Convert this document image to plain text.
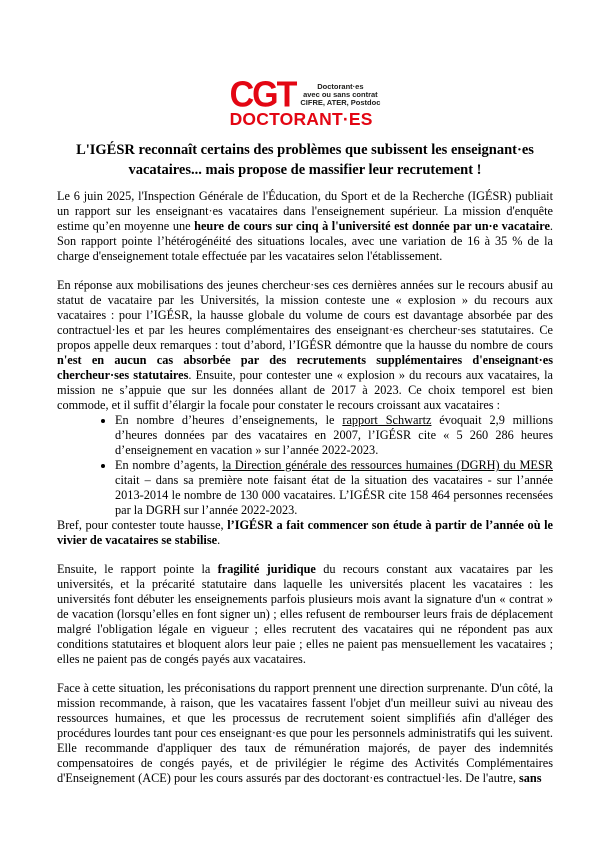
CGT	Doctorant·es
avec ou sans contrat
CIFRE, ATER, Postdoc
DOCTORANT·ES
L'IGÉSR reconnaît certains des problèmes que subissent les enseignant·es vacataires... mais propose de massifier leur recrutement !

Le 6 juin 2025, l'Inspection Générale de l'Éducation, du Sport et de la Recherche (IGÉSR) publiait un rapport sur les enseignant·es vacataires dans l'enseignement supérieur. La mission d'enquête estime qu’en moyenne une heure de cours sur cinq à l'université est donnée par un·e vacataire. Son rapport pointe l’hétérogénéité des situations locales, avec une variation de 16 à 35 % de la charge d'enseignement totale effectuée par les vacataires selon l'établissement.

En réponse aux mobilisations des jeunes chercheur·ses ces dernières années sur le recours abusif au statut de vacataire par les Universités, la mission conteste une « explosion » du recours aux vacataires : pour l’IGÉSR, la hausse globale du volume de cours est davantage absorbée par des contractuel·les et par les heures complémentaires des enseignant·es chercheur·ses statutaires. Ce propos appelle deux remarques : tout d’abord, l’IGÉSR démontre que la hausse du nombre de cours n'est en aucun cas absorbée par des recrutements supplémentaires d'enseignant·es chercheur·ses statutaires. Ensuite, pour contester une « explosion » du recours aux vacataires, la mission ne s’appuie que sur les données allant de 2017 à 2023. Ce choix temporel est bien commode, et il suffit d’élargir la focale pour constater le recours croissant aux vacataires :

• En nombre d’heures d’enseignements, le rapport Schwartz évoquait 2,9 millions d’heures données par des vacataires en 2007, l’IGÉSR cite « 5 260 286 heures d’enseignement en vacation » sur l’année 2022-2023.
• En nombre d’agents, la Direction générale des ressources humaines (DGRH) du MESR citait – dans sa première note faisant état de la situation des vacataires - sur l’année 2013-2014 le nombre de 130 000 vacataires. L’IGÉSR cite 158 464 personnes recensées par la DGRH sur l’année 2022-2023.

Bref, pour contester toute hausse, l’IGÉSR a fait commencer son étude à partir de l’année où le vivier de vacataires se stabilise.

Ensuite, le rapport pointe la fragilité juridique du recours constant aux vacataires par les universités, et la précarité statutaire dans laquelle les universités placent les vacataires : les universités font débuter les enseignements parfois plusieurs mois avant la signature d'un « contrat » de vacation (lorsqu’elles en font signer un) ; elles refusent de rembourser leurs frais de déplacement malgré l'obligation légale en vigueur ; elles recrutent des vacataires qui ne répondent pas aux conditions statutaires et bloquent alors leur paie ; elles ne paient pas mensuellement les vacataires ; elles ne paient pas de congés payés aux vacataires.

Face à cette situation, les préconisations du rapport prennent une direction surprenante. D'un côté, la mission recommande, à raison, que les vacataires fassent l'objet d'un meilleur suivi au niveau des ressources humaines, et que les processus de recrutement soient simplifiés afin d'alléger des procédures lourdes tant pour ces enseignant·es que pour les personnels administratifs qui les suivent. Elle recommande d'appliquer des taux de rémunération majorés, de payer des indemnités compensatoires de congés payés, et de privilégier le régime des Activités Complémentaires d'Enseignement (ACE) pour les cours assurés par des doctorant·es contractuel·les. De l'autre, sans
